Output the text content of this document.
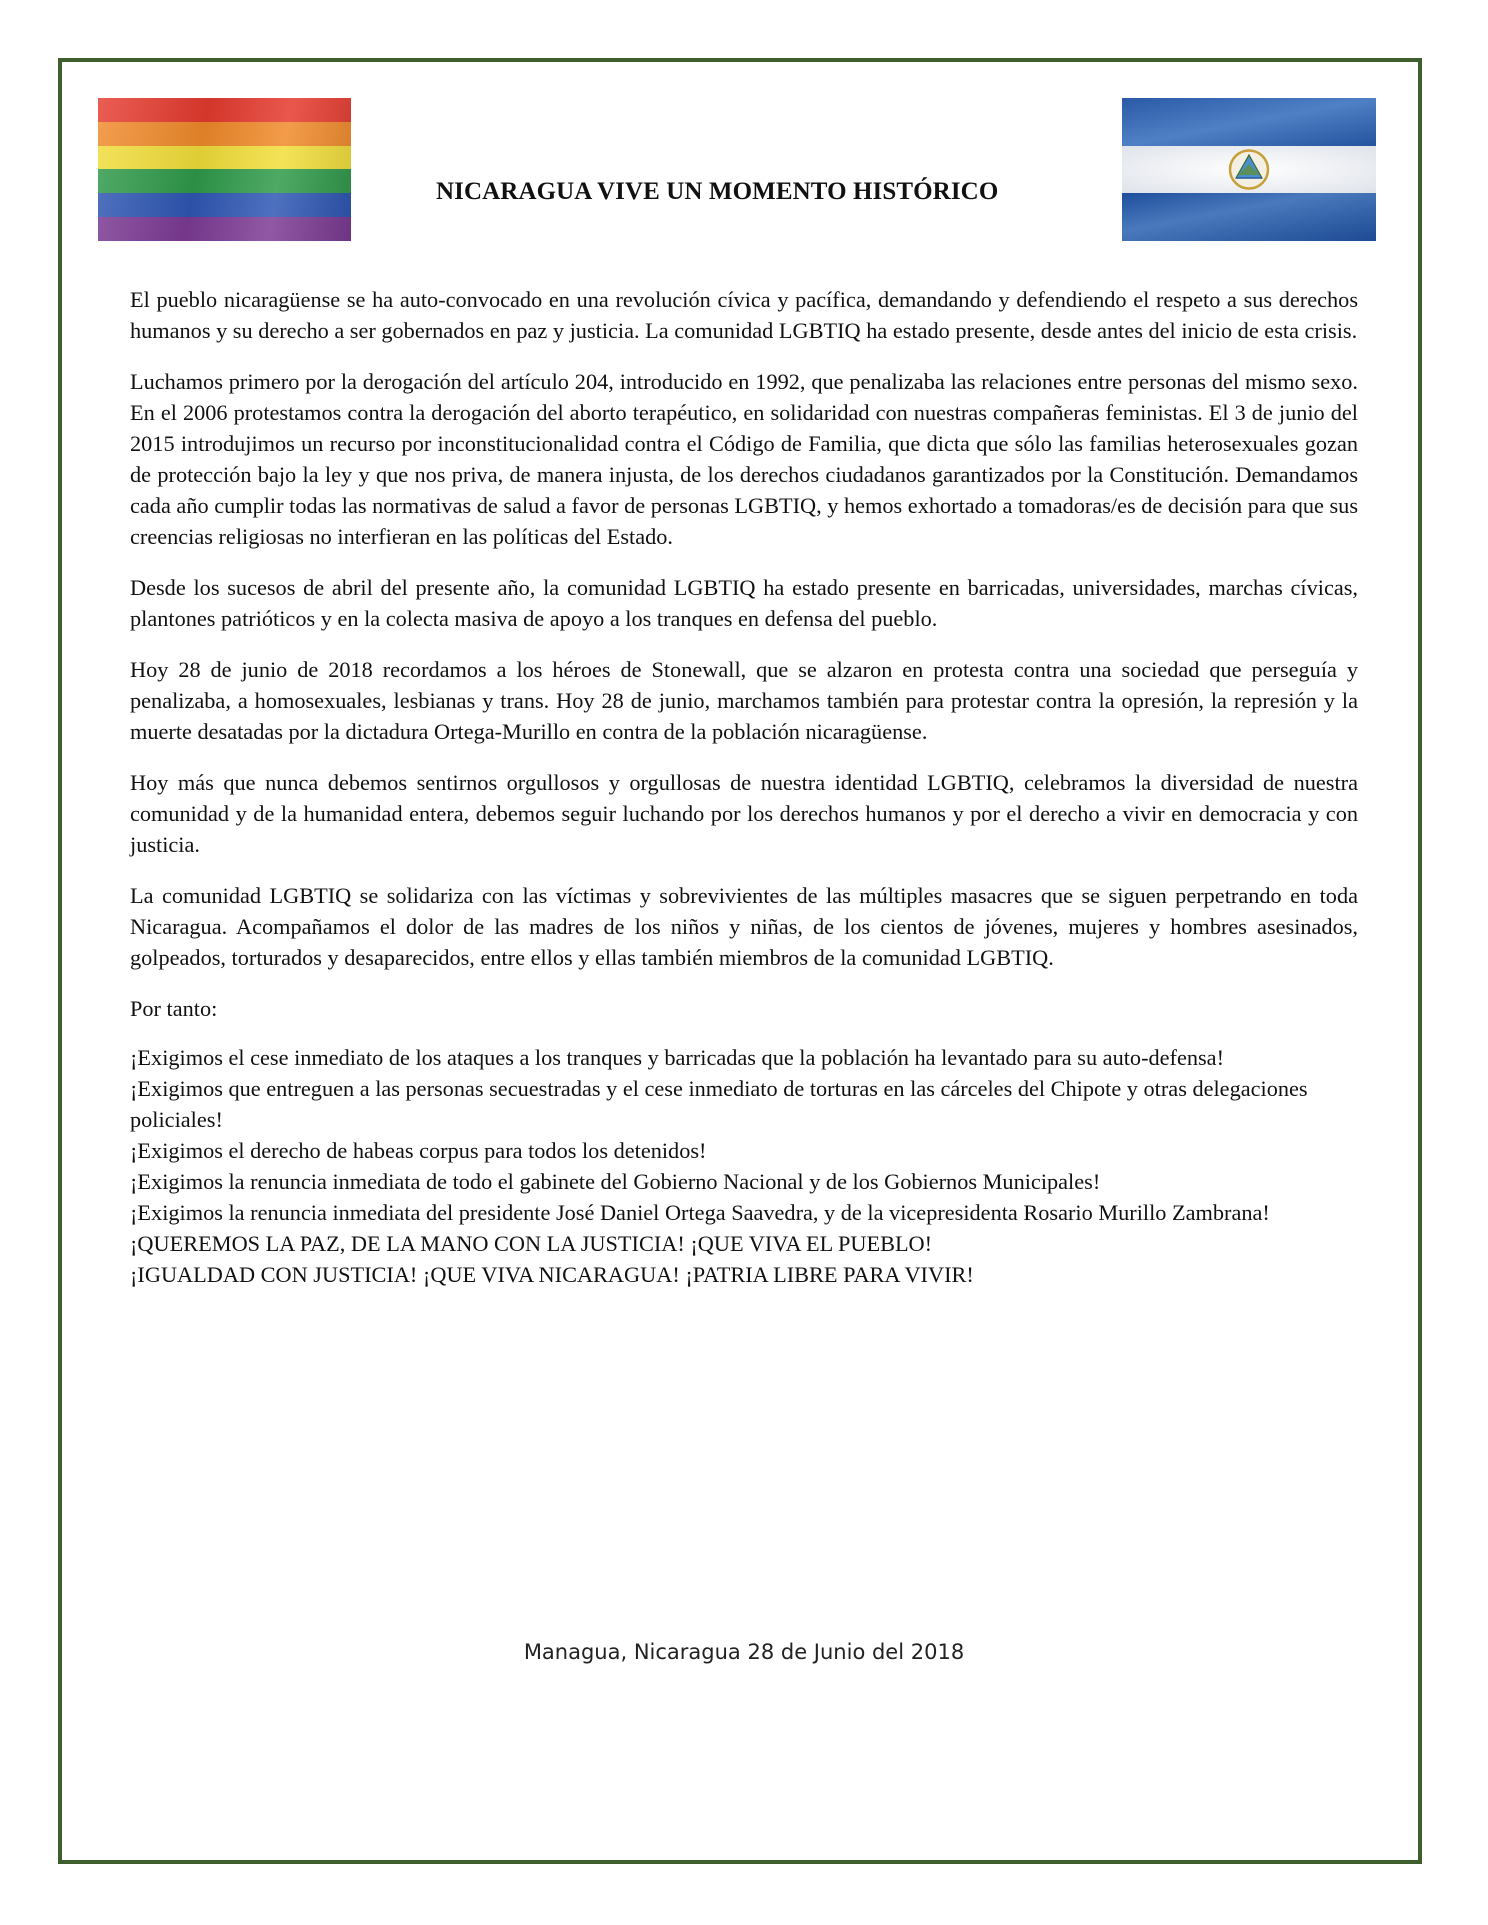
NICARAGUA VIVE UN MOMENTO HISTÓRICO

El pueblo nicaragüense se ha auto-convocado en una revolución cívica y pacífica, demandando y defendiendo el respeto a sus derechos humanos y su derecho a ser gobernados en paz y justicia. La comunidad LGBTIQ ha estado presente, desde antes del inicio de esta crisis.

Luchamos primero por la derogación del artículo 204, introducido en 1992, que penalizaba las relaciones entre personas del mismo sexo. En el 2006 protestamos contra la derogación del aborto terapéutico, en solidaridad con nuestras compañeras feministas. El 3 de junio del 2015 introdujimos un recurso por inconstitucionalidad contra el Código de Familia, que dicta que sólo las familias heterosexuales gozan de protección bajo la ley y que nos priva, de manera injusta, de los derechos ciudadanos garantizados por la Constitución. Demandamos cada año cumplir todas las normativas de salud a favor de personas LGBTIQ, y hemos exhortado a tomadoras/es de decisión para que sus creencias religiosas no interfieran en las políticas del Estado.

Desde los sucesos de abril del presente año, la comunidad LGBTIQ ha estado presente en barricadas, universidades, marchas cívicas, plantones patrióticos y en la colecta masiva de apoyo a los tranques en defensa del pueblo.

Hoy 28 de junio de 2018 recordamos a los héroes de Stonewall, que se alzaron en protesta contra una sociedad que perseguía y penalizaba, a homosexuales, lesbianas y trans. Hoy 28 de junio, marchamos también para protestar contra la opresión, la represión y la muerte desatadas por la dictadura Ortega-Murillo en contra de la población nicaragüense.

Hoy más que nunca debemos sentirnos orgullosos y orgullosas de nuestra identidad LGBTIQ, celebramos la diversidad de nuestra comunidad y de la humanidad entera, debemos seguir luchando por los derechos humanos y por el derecho a vivir en democracia y con justicia.

La comunidad LGBTIQ se solidariza con las víctimas y sobrevivientes de las múltiples masacres que se siguen perpetrando en toda Nicaragua. Acompañamos el dolor de las madres de los niños y niñas, de los cientos de jóvenes, mujeres y hombres asesinados, golpeados, torturados y desaparecidos, entre ellos y ellas también miembros de la comunidad LGBTIQ.

Por tanto:

¡Exigimos el cese inmediato de los ataques a los tranques y barricadas que la población ha levantado para su auto-defensa!
¡Exigimos que entreguen a las personas secuestradas y el cese inmediato de torturas en las cárceles del Chipote y otras delegaciones policiales!
¡Exigimos el derecho de habeas corpus para todos los detenidos!
¡Exigimos la renuncia inmediata de todo el gabinete del Gobierno Nacional y de los Gobiernos Municipales!
¡Exigimos la renuncia inmediata del presidente José Daniel Ortega Saavedra, y de la vicepresidenta Rosario Murillo Zambrana!
¡QUEREMOS LA PAZ, DE LA MANO CON LA JUSTICIA! ¡QUE VIVA EL PUEBLO!
¡IGUALDAD CON JUSTICIA! ¡QUE VIVA NICARAGUA! ¡PATRIA LIBRE PARA VIVIR!
Managua, Nicaragua 28 de Junio del 2018
